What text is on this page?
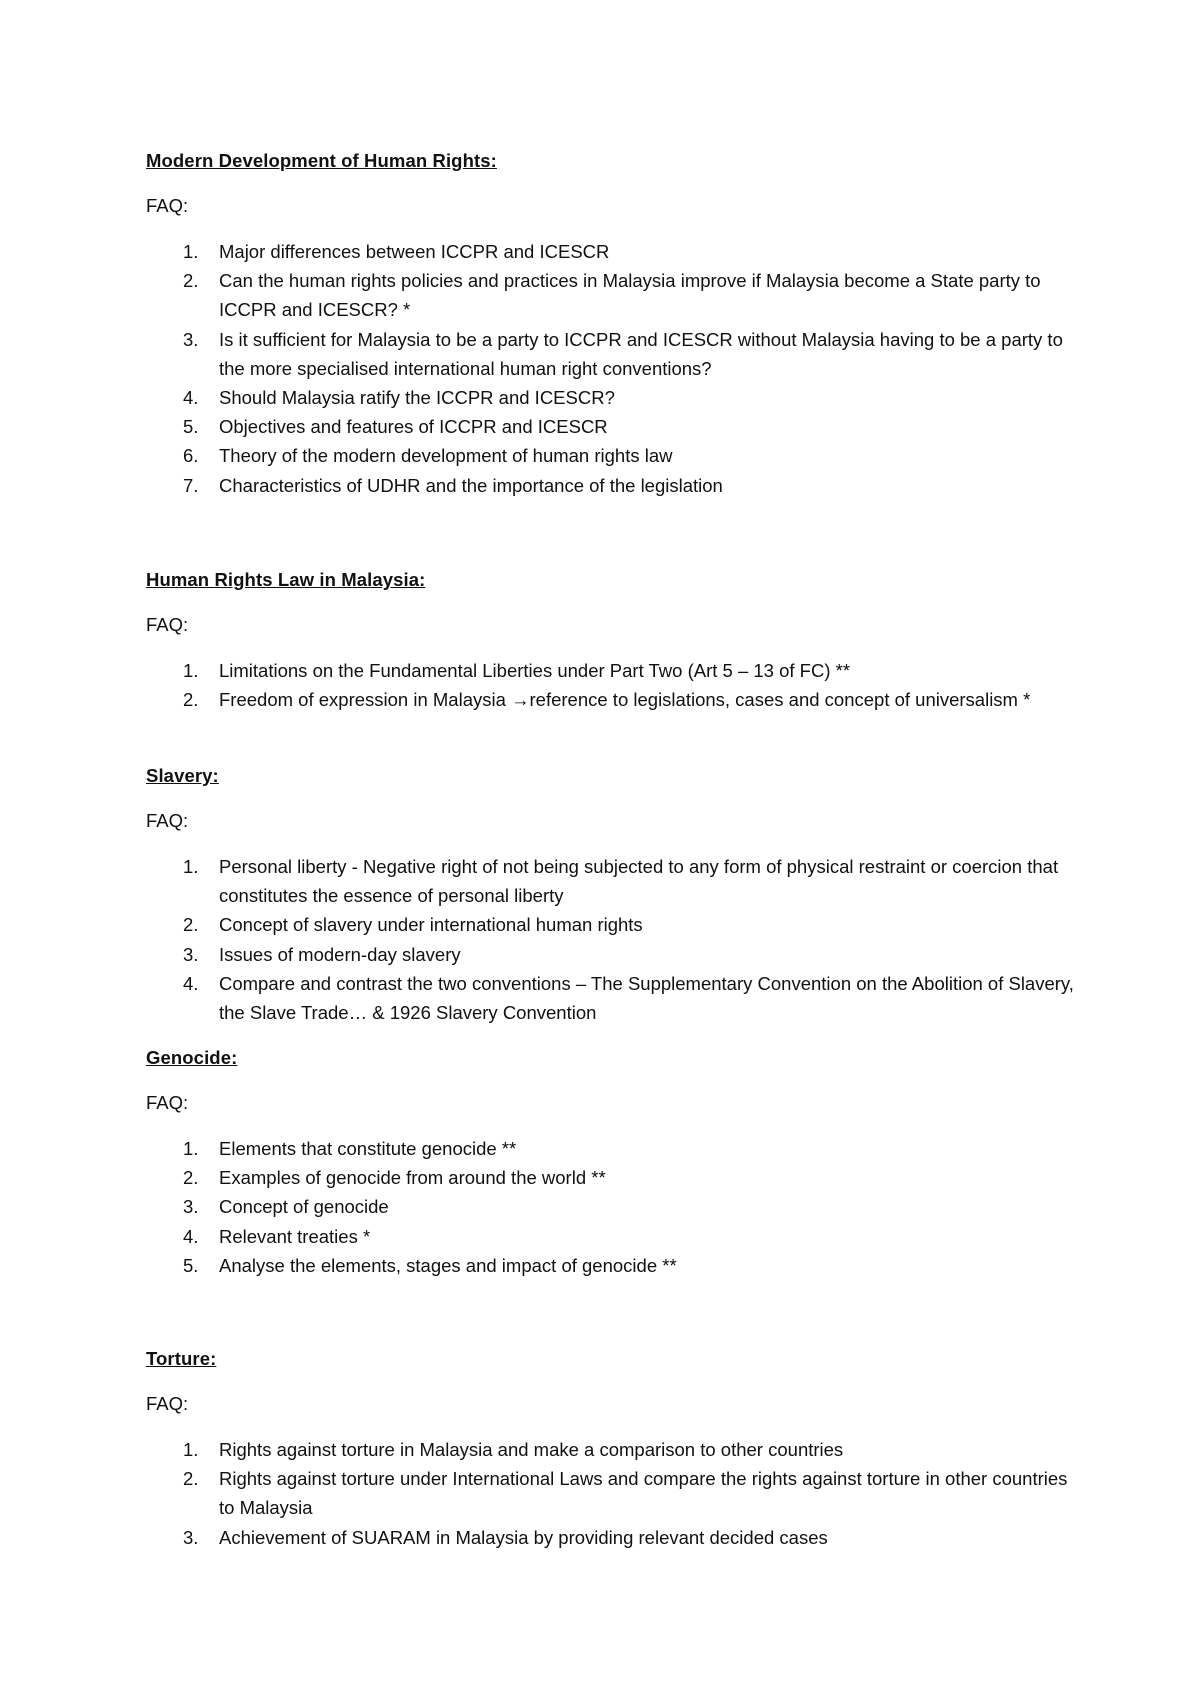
Modern Development of Human Rights:

FAQ:

1.	Major differences between ICCPR and ICESCR
2.	Can the human rights policies and practices in Malaysia improve if Malaysia become a State party to ICCPR and ICESCR? *
3.	Is it sufficient for Malaysia to be a party to ICCPR and ICESCR without Malaysia having to be a party to the more specialised international human right conventions?
4.	Should Malaysia ratify the ICCPR and ICESCR?
5.	Objectives and features of ICCPR and ICESCR
6.	Theory of the modern development of human rights law
7.	Characteristics of UDHR and the importance of the legislation

Human Rights Law in Malaysia:

FAQ:

1.	Limitations on the Fundamental Liberties under Part Two (Art 5 – 13 of FC) **
2.	Freedom of expression in Malaysia →reference to legislations, cases and concept of universalism *

Slavery:

FAQ:

1.	Personal liberty - Negative right of not being subjected to any form of physical restraint or coercion that constitutes the essence of personal liberty
2.	Concept of slavery under international human rights
3.	Issues of modern-day slavery
4.	Compare and contrast the two conventions – The Supplementary Convention on the Abolition of Slavery, the Slave Trade… & 1926 Slavery Convention

Genocide:

FAQ:

1.	Elements that constitute genocide **
2.	Examples of genocide from around the world **
3.	Concept of genocide
4.	Relevant treaties *
5.	Analyse the elements, stages and impact of genocide **

Torture:

FAQ:

1.	Rights against torture in Malaysia and make a comparison to other countries
2.	Rights against torture under International Laws and compare the rights against torture in other countries to Malaysia
3.	Achievement of SUARAM in Malaysia by providing relevant decided cases
